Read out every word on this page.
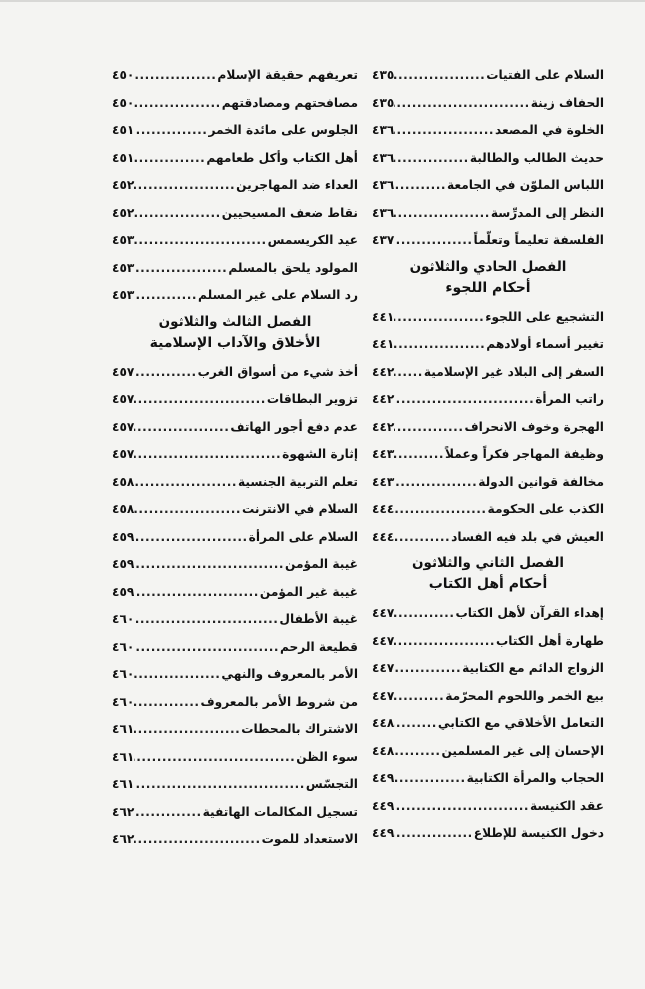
السلام على الفتيات
.....
٤٣٥
الحفاف زينة
.....
٤٣٥
الخلوة في المصعد
.....
٤٣٦
حديث الطالب والطالبة
.....
٤٣٦
اللباس الملوّن في الجامعة
.....
٤٣٦
النظر إلى المدرِّسة
.....
٤٣٦
الفلسفة تعليماً وتعلّماً
.....
٤٣٧
الفصل الحادي والثلاثون
أحكام اللجوء
التشجيع على اللجوء
.....
٤٤١
تغيير أسماء أولادهم
.....
٤٤١
السفر إلى البلاد غير الإسلامية
.....
٤٤٢
راتب المرأة
.....
٤٤٢
الهجرة وخوف الانحراف
.....
٤٤٢
وظيفة المهاجر فكراً وعملاً
.....
٤٤٣
مخالفة قوانين الدولة
.....
٤٤٣
الكذب على الحكومة
.....
٤٤٤
العيش في بلد فيه الفساد
.....
٤٤٤
الفصل الثاني والثلاثون
أحكام أهل الكتاب
إهداء القرآن لأهل الكتاب
.....
٤٤٧
طهارة أهل الكتاب
.....
٤٤٧
الزواج الدائم مع الكتابية
.....
٤٤٧
بيع الخمر واللحوم المحرّمة
.....
٤٤٧
التعامل الأخلاقي مع الكتابي
.....
٤٤٨
الإحسان إلى غير المسلمين
.....
٤٤٨
الحجاب والمرأة الكتابية
.....
٤٤٩
عقد الكنيسة
.....
٤٤٩
دخول الكنيسة للإطلاع
.....
٤٤٩
تعريفهم حقيقة الإسلام
.....
٤٥٠
مصافحتهم ومصادقتهم
.....
٤٥٠
الجلوس على مائدة الخمر
.....
٤٥١
أهل الكتاب وأكل طعامهم
.....
٤٥١
العداء ضد المهاجرين
.....
٤٥٢
نقاط ضعف المسيحيين
.....
٤٥٢
عيد الكريسمس
.....
٤٥٣
المولود يلحق بالمسلم
.....
٤٥٣
رد السلام على غير المسلم
.....
٤٥٣
الفصل الثالث والثلاثون
الأخلاق والآداب الإسلامية
أخذ شيء من أسواق الغرب
.....
٤٥٧
تزوير البطاقات
.....
٤٥٧
عدم دفع أجور الهاتف
.....
٤٥٧
إثارة الشهوة
.....
٤٥٧
تعلم التربية الجنسية
.....
٤٥٨
السلام في الانترنت
.....
٤٥٨
السلام على المرأة
.....
٤٥٩
غيبة المؤمن
.....
٤٥٩
غيبة غير المؤمن
.....
٤٥٩
غيبة الأطفال
.....
٤٦٠
قطيعة الرحم
.....
٤٦٠
الأمر بالمعروف والنهي
.....
٤٦٠
من شروط الأمر بالمعروف
.....
٤٦٠
الاشتراك بالمحطات
.....
٤٦١
سوء الظن
.....
٤٦١
التجسّس
.....
٤٦١
تسجيل المكالمات الهاتفية
.....
٤٦٢
الاستعداد للموت
.....
٤٦٢
